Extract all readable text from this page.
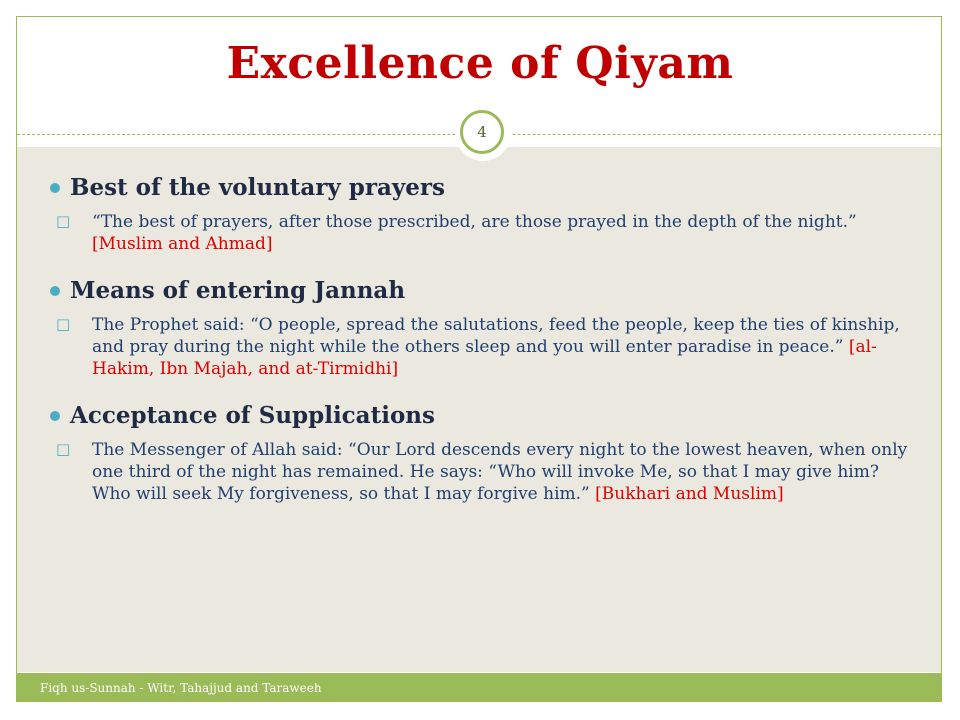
Excellence of Qiyam
4
Best of the voluntary prayers
□	“The best of prayers, after those prescribed, are those prayed in the depth of the night.” [Muslim and Ahmad]
Means of entering Jannah
□	The Prophet said: “O people, spread the salutations, feed the people, keep the ties of kinship, and pray during the night while the others sleep and you will enter paradise in peace.” [al-Hakim, Ibn Majah, and at-Tirmidhi]
Acceptance of Supplications
□	The Messenger of Allah said: “Our Lord descends every night to the lowest heaven, when only one third of the night has remained. He says: “Who will invoke Me, so that I may give him? Who will seek My forgiveness, so that I may forgive him.” [Bukhari and Muslim]
Fiqh us-Sunnah - Witr, Tahajjud and Taraweeh
